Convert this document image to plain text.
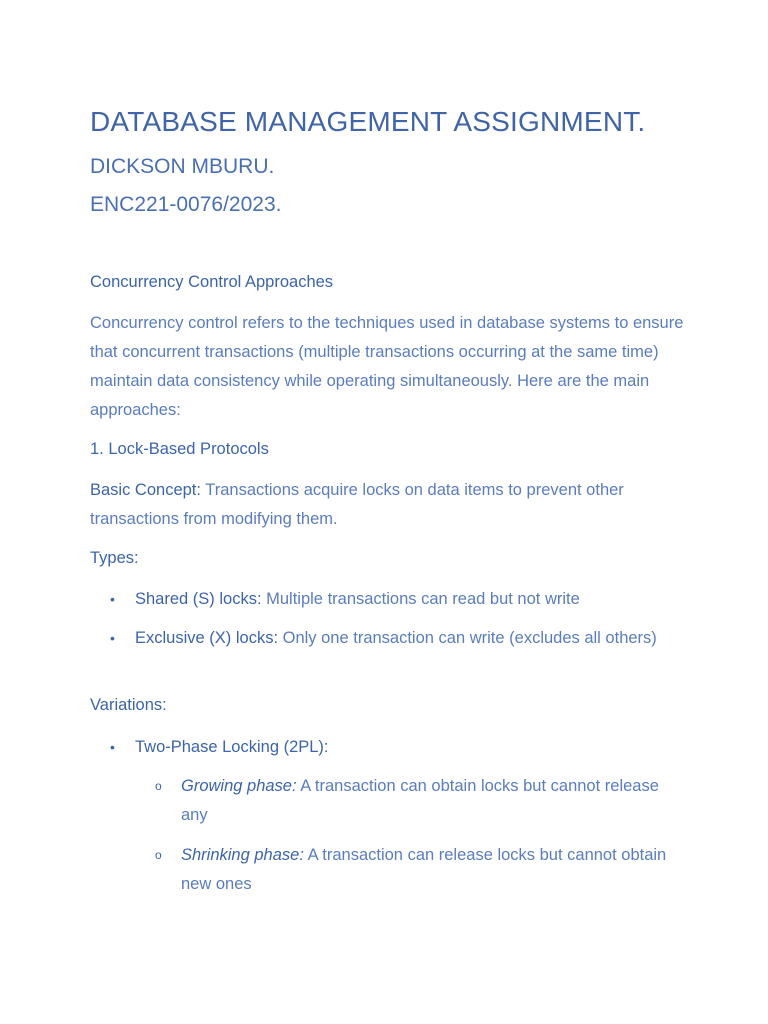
DATABASE MANAGEMENT ASSIGNMENT.
DICKSON MBURU.
ENC221-0076/2023.
Concurrency Control Approaches
Concurrency control refers to the techniques used in database systems to ensure that concurrent transactions (multiple transactions occurring at the same time) maintain data consistency while operating simultaneously. Here are the main approaches:
1. Lock-Based Protocols
Basic Concept: Transactions acquire locks on data items to prevent other transactions from modifying them.
Types:
•	Shared (S) locks: Multiple transactions can read but not write
•	Exclusive (X) locks: Only one transaction can write (excludes all others)
Variations:
•	Two-Phase Locking (2PL):
o	Growing phase: A transaction can obtain locks but cannot release any
o	Shrinking phase: A transaction can release locks but cannot obtain new ones
